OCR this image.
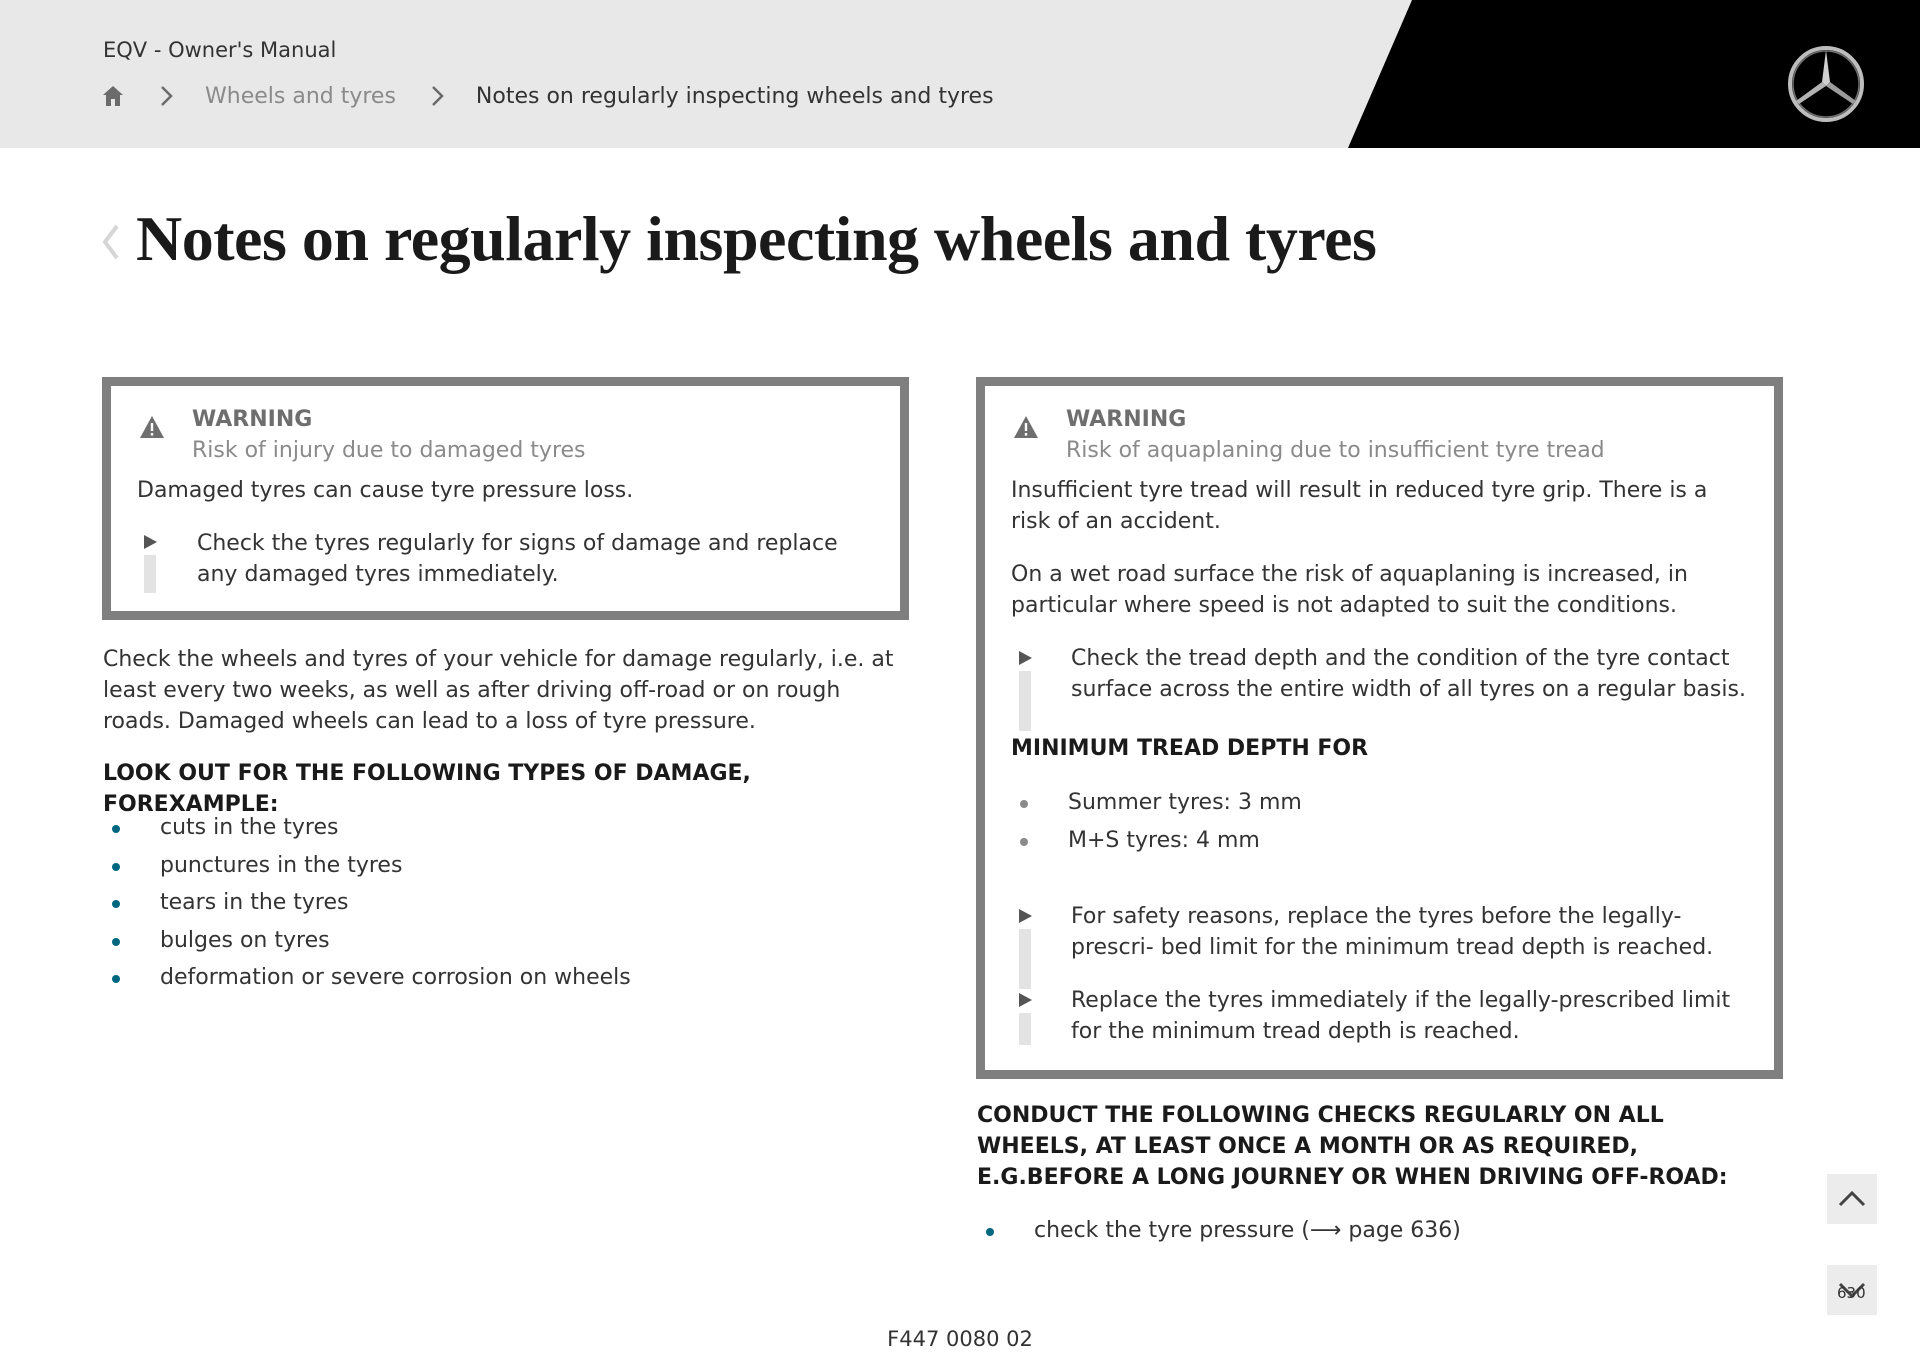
EQV - Owner's Manual
Wheels and tyres	Notes on regularly inspecting wheels and tyres
Notes on regularly inspecting wheels and tyres
WARNING
Risk of injury due to damaged tyres
Damaged tyres can cause tyre pressure loss.
Check the tyres regularly for signs of damage and replace any damaged tyres immediately.
Check the wheels and tyres of your vehicle for damage regularly, i.e. at least every two weeks, as well as after driving off-road or on rough roads. Damaged wheels can lead to a loss of tyre pressure.
LOOK OUT FOR THE FOLLOWING TYPES OF DAMAGE, FOREXAMPLE:
cuts in the tyres
punctures in the tyres
tears in the tyres
bulges on tyres
deformation or severe corrosion on wheels
WARNING
Risk of aquaplaning due to insufficient tyre tread
Insufficient tyre tread will result in reduced tyre grip. There is a risk of an accident.
On a wet road surface the risk of aquaplaning is increased, in particular where speed is not adapted to suit the conditions.
Check the tread depth and the condition of the tyre contact surface across the entire width of all tyres on a regular basis.
MINIMUM TREAD DEPTH FOR
Summer tyres: 3 mm
M+S tyres: 4 mm
For safety reasons, replace the tyres before the legally-prescri- bed limit for the minimum tread depth is reached.
Replace the tyres immediately if the legally-prescribed limit for the minimum tread depth is reached.
CONDUCT THE FOLLOWING CHECKS REGULARLY ON ALL WHEELS, AT LEAST ONCE A MONTH OR AS REQUIRED, E.G.BEFORE A LONG JOURNEY OR WHEN DRIVING OFF-ROAD:
check the tyre pressure (⟶ page 636)
630
F447 0080 02
